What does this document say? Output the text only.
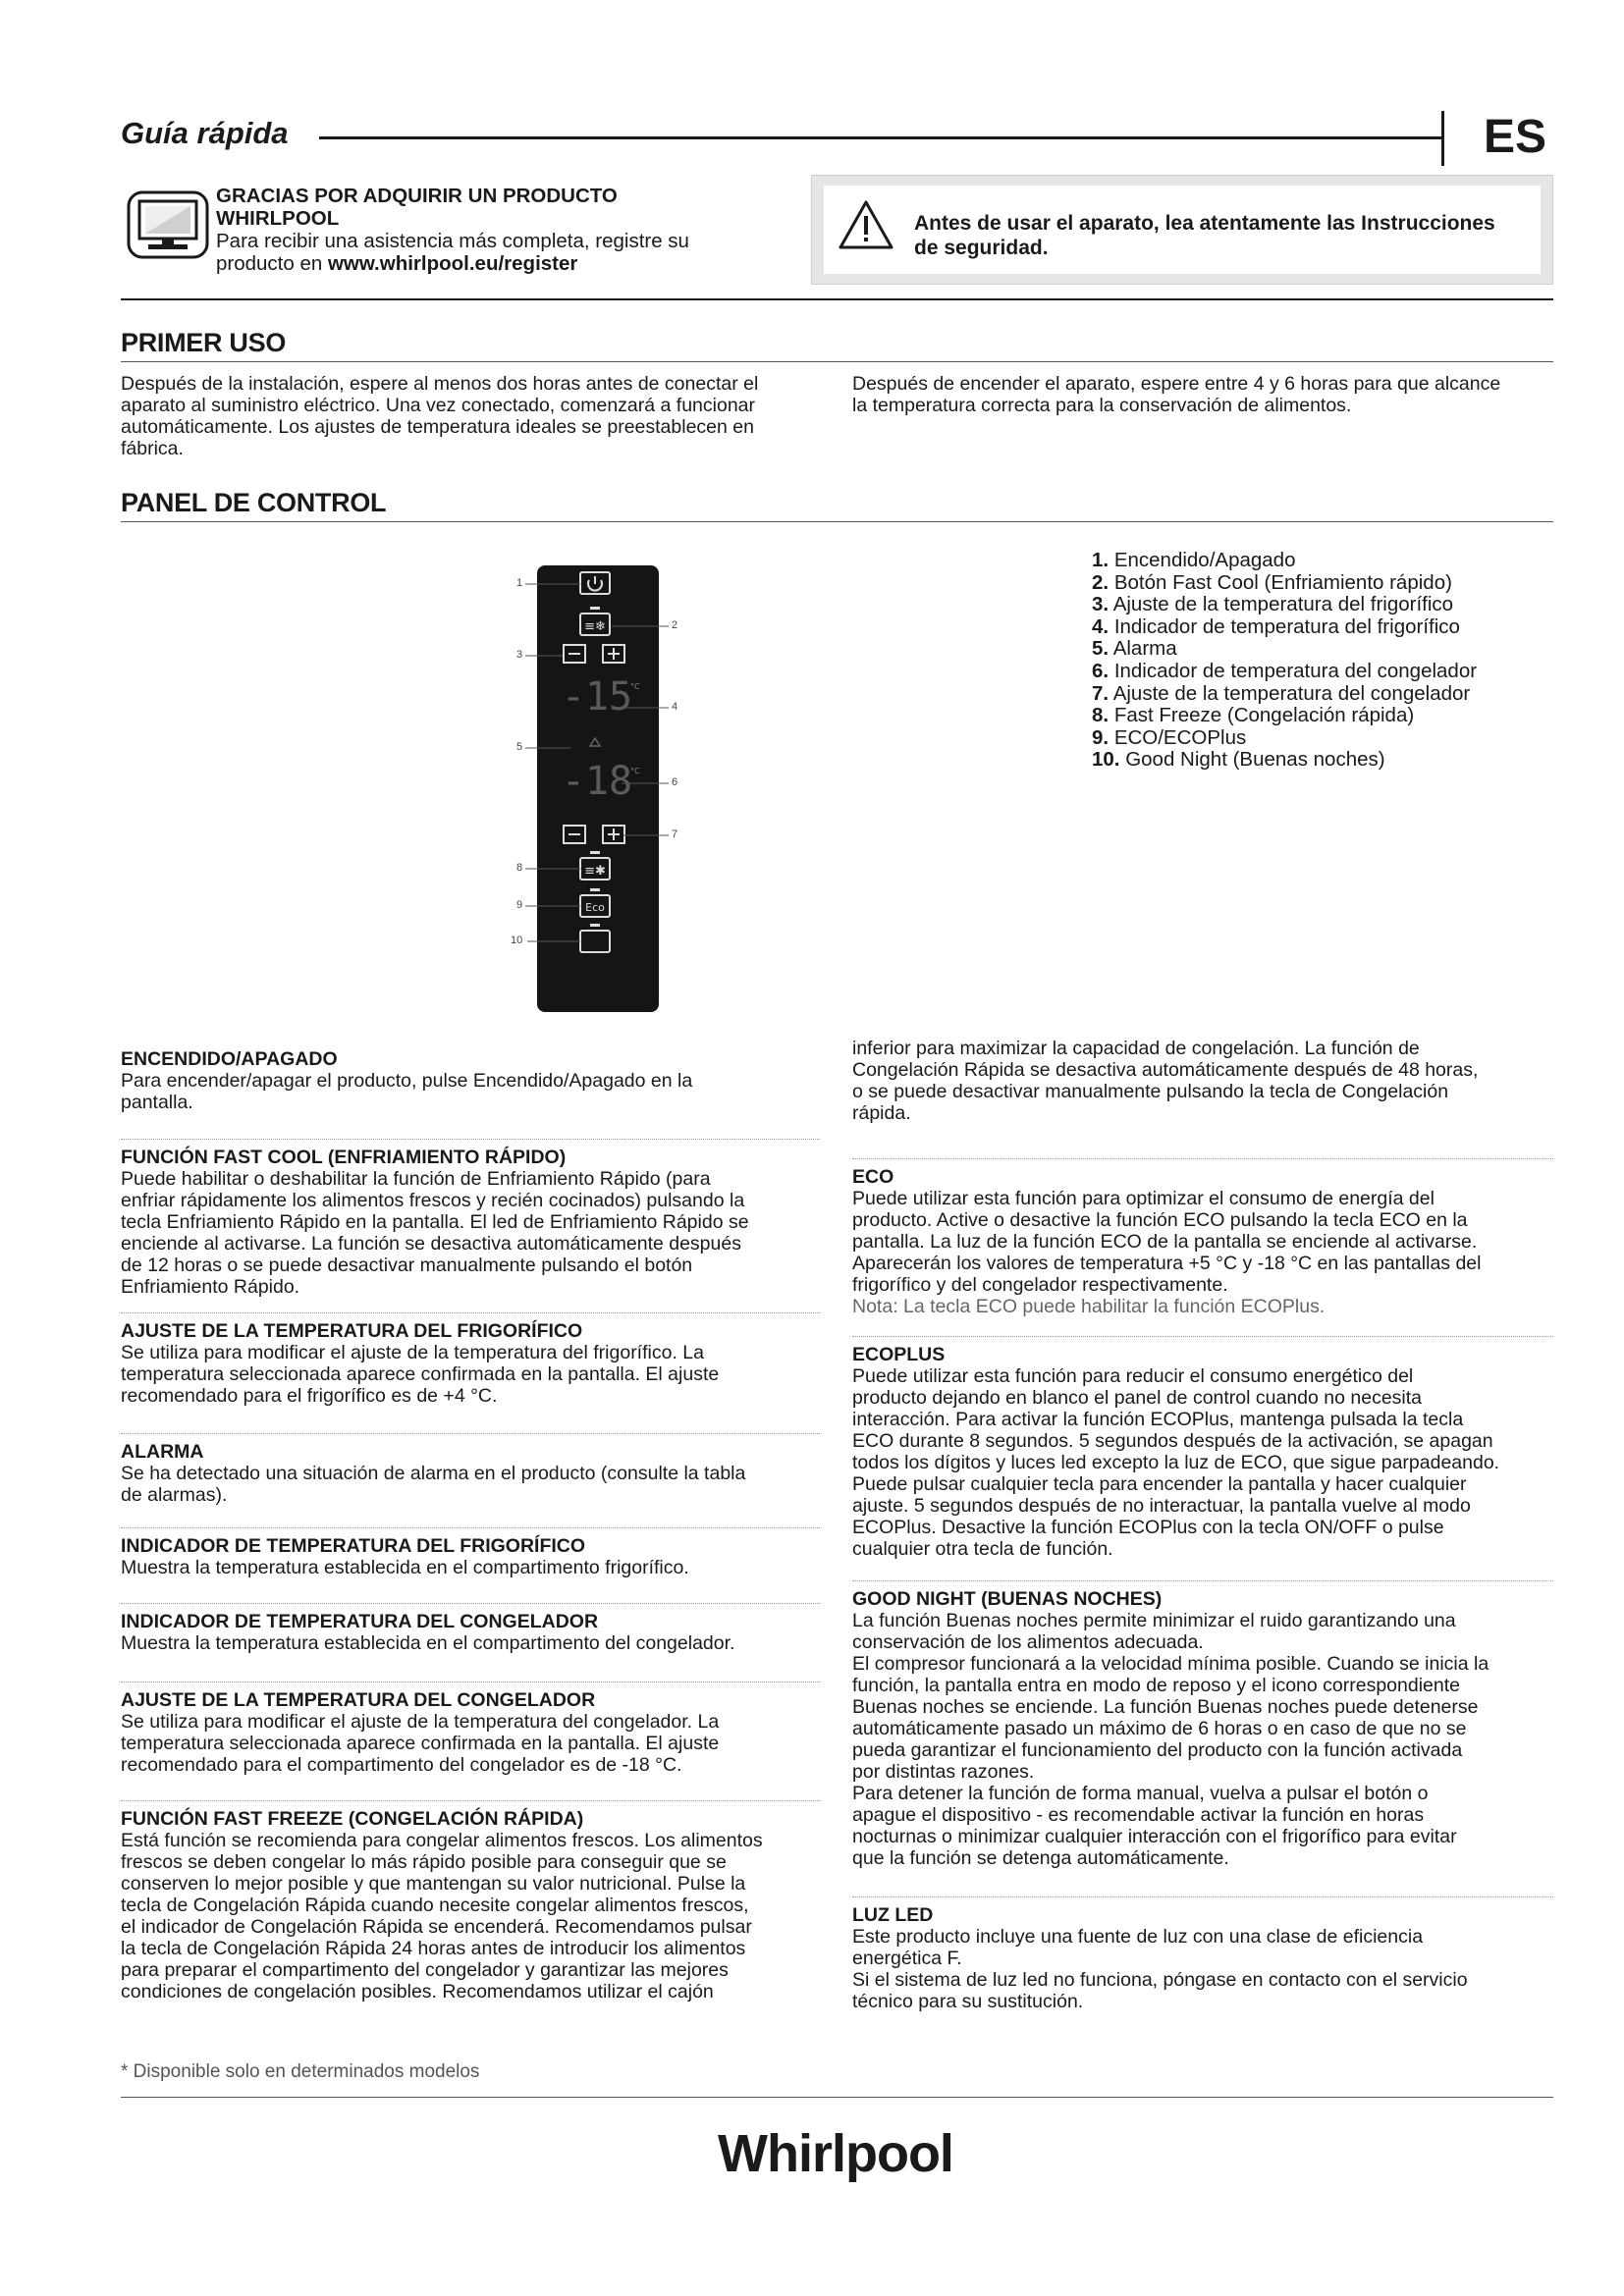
Guía rápida	ES
GRACIAS POR ADQUIRIR UN PRODUCTO
WHIRLPOOL
Para recibir una asistencia más completa, registre su
producto en www.whirlpool.eu/register
Antes de usar el aparato, lea atentamente las Instrucciones
de seguridad.
PRIMER USO
Después de la instalación, espere al menos dos horas antes de conectar el
aparato al suministro eléctrico. Una vez conectado, comenzará a funcionar
automáticamente. Los ajustes de temperatura ideales se preestablecen en
fábrica.
Después de encender el aparato, espere entre 4 y 6 horas para que alcance
la temperatura correcta para la conservación de alimentos.
PANEL DE CONTROL
≡❄
-15
°C
-18
°C
≡✱
Eco
1
2
3
4
5
6
7
8
9
10
1. Encendido/Apagado
2. Botón Fast Cool (Enfriamiento rápido)
3. Ajuste de la temperatura del frigorífico
4. Indicador de temperatura del frigorífico
5. Alarma
6. Indicador de temperatura del congelador
7. Ajuste de la temperatura del congelador
8. Fast Freeze (Congelación rápida)
9. ECO/ECOPlus
10. Good Night (Buenas noches)
ENCENDIDO/APAGADO
Para encender/apagar el producto, pulse Encendido/Apagado en la
pantalla.
FUNCIÓN FAST COOL (ENFRIAMIENTO RÁPIDO)
Puede habilitar o deshabilitar la función de Enfriamiento Rápido (para
enfriar rápidamente los alimentos frescos y recién cocinados) pulsando la
tecla Enfriamiento Rápido en la pantalla. El led de Enfriamiento Rápido se
enciende al activarse. La función se desactiva automáticamente después
de 12 horas o se puede desactivar manualmente pulsando el botón
Enfriamiento Rápido.
AJUSTE DE LA TEMPERATURA DEL FRIGORÍFICO
Se utiliza para modificar el ajuste de la temperatura del frigorífico. La
temperatura seleccionada aparece confirmada en la pantalla. El ajuste
recomendado para el frigorífico es de +4 °C.
ALARMA
Se ha detectado una situación de alarma en el producto (consulte la tabla
de alarmas).
INDICADOR DE TEMPERATURA DEL FRIGORÍFICO
Muestra la temperatura establecida en el compartimento frigorífico.
INDICADOR DE TEMPERATURA DEL CONGELADOR
Muestra la temperatura establecida en el compartimento del congelador.
AJUSTE DE LA TEMPERATURA DEL CONGELADOR
Se utiliza para modificar el ajuste de la temperatura del congelador. La
temperatura seleccionada aparece confirmada en la pantalla. El ajuste
recomendado para el compartimento del congelador es de -18 °C.
FUNCIÓN FAST FREEZE (CONGELACIÓN RÁPIDA)
Está función se recomienda para congelar alimentos frescos. Los alimentos
frescos se deben congelar lo más rápido posible para conseguir que se
conserven lo mejor posible y que mantengan su valor nutricional. Pulse la
tecla de Congelación Rápida cuando necesite congelar alimentos frescos,
el indicador de Congelación Rápida se encenderá. Recomendamos pulsar
la tecla de Congelación Rápida 24 horas antes de introducir los alimentos
para preparar el compartimento del congelador y garantizar las mejores
condiciones de congelación posibles. Recomendamos utilizar el cajón
inferior para maximizar la capacidad de congelación. La función de
Congelación Rápida se desactiva automáticamente después de 48 horas,
o se puede desactivar manualmente pulsando la tecla de Congelación
rápida.
ECO
Puede utilizar esta función para optimizar el consumo de energía del
producto. Active o desactive la función ECO pulsando la tecla ECO en la
pantalla. La luz de la función ECO de la pantalla se enciende al activarse.
Aparecerán los valores de temperatura +5 °C y -18 °C en las pantallas del
frigorífico y del congelador respectivamente.
Nota: La tecla ECO puede habilitar la función ECOPlus.
ECOPLUS
Puede utilizar esta función para reducir el consumo energético del
producto dejando en blanco el panel de control cuando no necesita
interacción. Para activar la función ECOPlus, mantenga pulsada la tecla
ECO durante 8 segundos. 5 segundos después de la activación, se apagan
todos los dígitos y luces led excepto la luz de ECO, que sigue parpadeando.
Puede pulsar cualquier tecla para encender la pantalla y hacer cualquier
ajuste. 5 segundos después de no interactuar, la pantalla vuelve al modo
ECOPlus. Desactive la función ECOPlus con la tecla ON/OFF o pulse
cualquier otra tecla de función.
GOOD NIGHT (BUENAS NOCHES)
La función Buenas noches permite minimizar el ruido garantizando una
conservación de los alimentos adecuada.
El compresor funcionará a la velocidad mínima posible. Cuando se inicia la
función, la pantalla entra en modo de reposo y el icono correspondiente
Buenas noches se enciende. La función Buenas noches puede detenerse
automáticamente pasado un máximo de 6 horas o en caso de que no se
pueda garantizar el funcionamiento del producto con la función activada
por distintas razones.
Para detener la función de forma manual, vuelva a pulsar el botón o
apague el dispositivo - es recomendable activar la función en horas
nocturnas o minimizar cualquier interacción con el frigorífico para evitar
que la función se detenga automáticamente.
LUZ LED
Este producto incluye una fuente de luz con una clase de eficiencia
energética F.
Si el sistema de luz led no funciona, póngase en contacto con el servicio
técnico para su sustitución.
* Disponible solo en determinados modelos
Whirlpool
